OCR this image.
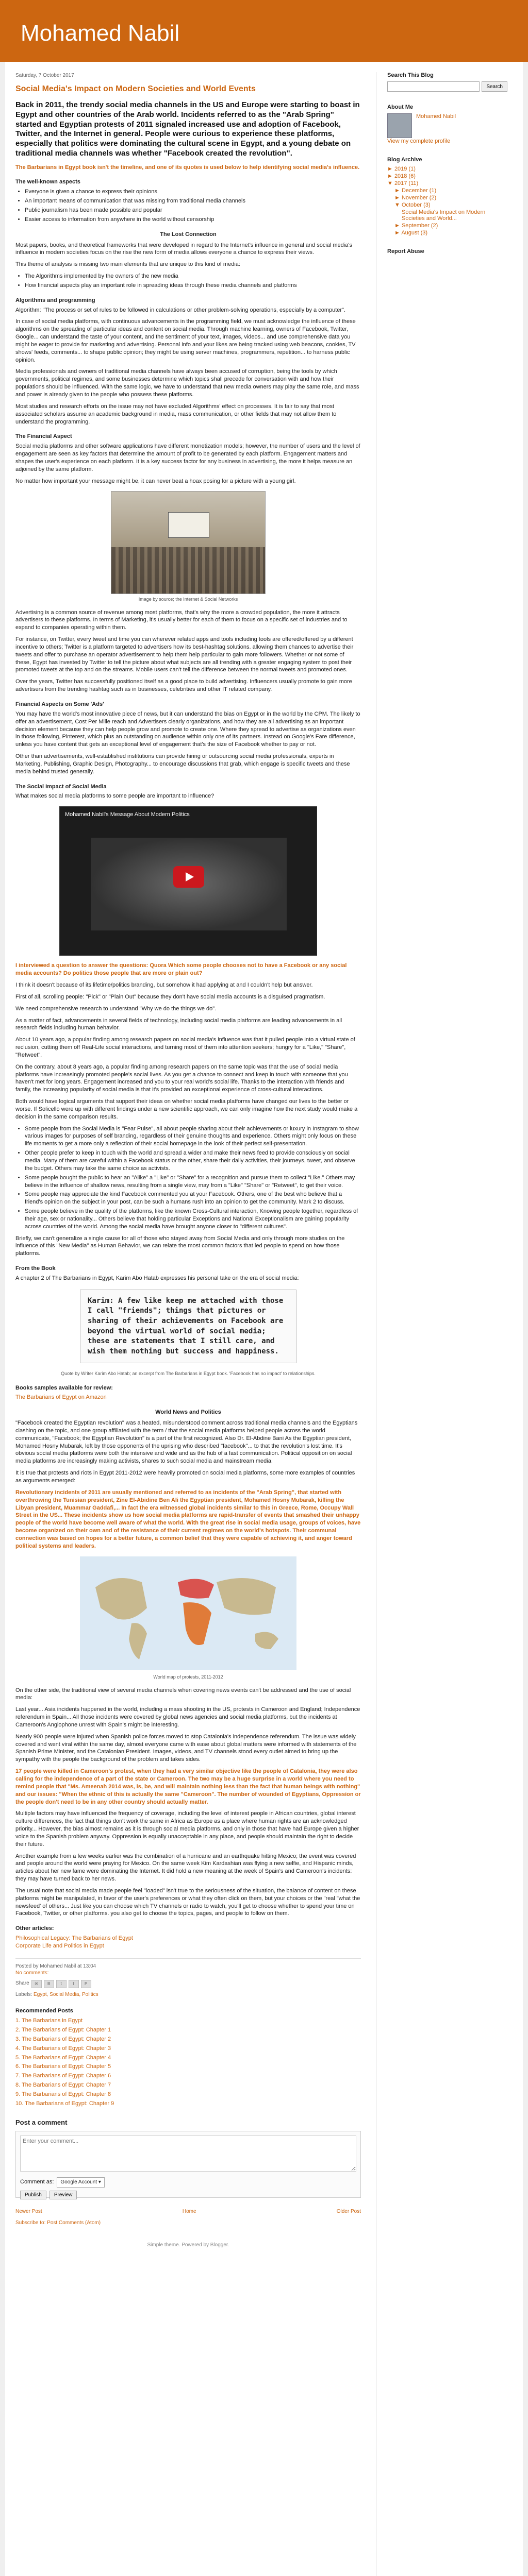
Mohamed Nabil
Saturday, 7 October 2017
Social Media's Impact on Modern Societies and World Events

Back in 2011, the trendy social media channels in the US and Europe were starting to boast in Egypt and other countries of the Arab world. Incidents referred to as the "Arab Spring" started and Egyptian protests of 2011 signaled increased use and adoption of Facebook, Twitter, and the Internet in general. People were curious to experience these platforms, especially that politics were dominating the cultural scene in Egypt, and a young debate on traditional media channels was whether "Facebook created the revolution".

The Barbarians in Egypt book isn't the timeline, and one of its quotes is used below to help identifying social media's influence.

The well-known aspects
• Everyone is given a chance to express their opinions
• An important means of communication that was missing from traditional media channels
• Public journalism has been made possible and popular
• Easier access to information from anywhere in the world without censorship
The Lost Connection

Most papers, books, and theoretical frameworks that were developed in regard to the Internet's influence in general and social media's influence in modern societies focus on the rise the new form of media allows everyone a chance to express their views.

This theme of analysis is missing two main elements that are unique to this kind of media:

• The Algorithms implemented by the owners of the new media
• How financial aspects play an important role in spreading ideas through these media channels and platforms
Algorithms and programming

Algorithm: "The process or set of rules to be followed in calculations or other problem-solving operations, especially by a computer".

In case of social media platforms, with continuous advancements in the programming field, we must acknowledge the influence of these algorithms on the spreading of particular ideas and content on social media. Through machine learning, owners of Facebook, Twitter, Google... can understand the taste of your content, and the sentiment of your text, images, videos... and use comprehensive data you might be eager to provide for marketing and advertising. Personal info and your likes are being tracked using web beacons, cookies, TV shows' feeds, comments... to shape public opinion; they might be using server machines, programmers, repetition... to harness public opinion.

Media professionals and owners of traditional media channels have always been accused of corruption, being the tools by which governments, political regimes, and some businesses determine which topics shall precede for conversation with and how their populations should be influenced. With the same logic, we have to understand that new media owners may play the same role, and mass and power is already given to the people who possess these platforms.

Most studies and research efforts on the issue may not have excluded Algorithms' effect on processes. It is fair to say that most associated scholars assume an academic background in media, mass communication, or other fields that may not allow them to understand the programming.

The Financial Aspect

Social media platforms and other software applications have different monetization models; however, the number of users and the level of engagement are seen as key factors that determine the amount of profit to be generated by each platform. Engagement matters and shapes the user's experience on each platform. It is a key success factor for any business in advertising, the more it helps measure an adjoined by the same platform.

No matter how important your message might be, it can never beat a hoax posing for a picture with a young girl.

Image by source; the Internet & Social Networks

Advertising is a common source of revenue among most platforms, that's why the more a crowded population, the more it attracts advertisers to these platforms. In terms of Marketing, it's usually better for each of them to focus on a specific set of industries and to expand to companies operating within them.

For instance, on Twitter, every tweet and time you can wherever related apps and tools including tools are offered/offered by a different incentive to others; Twitter is a platform targeted to advertisers how its best-hashtag solutions. allowing them chances to advertise their tweets and offer to purchase an operator advertisement to help them help particular to gain more followers. Whether or not some of these, Egypt has invested by Twitter to tell the picture about what subjects are all trending with a greater engaging system to post their promoted tweets at the top and on the streams. Mobile users can't tell the difference between the normal tweets and promoted ones.

Over the years, Twitter has successfully positioned itself as a good place to build advertising. Influencers usually promote to gain more advertisers from the trending hashtag such as in businesses, celebrities and other IT related company.

Financial Aspects on Some 'Ads'

You may have the world's most innovative piece of news, but it can understand the bias on Egypt or in the world by the CPM. The likely to offer an advertisement, Cost Per Mille reach and Advertisers clearly organizations, and how they are all advertising as an important decision element because they can help people grow and promote to create one. Where they spread to advertise as organizations even in those following, Pinterest, which plus an outstanding on audience within only one of its partners. Instead on Google's Fare difference, unless you have content that gets an exceptional level of engagement that's the size of Facebook whether to pay or not.

Other than advertisements, well-established institutions can provide hiring or outsourcing social media professionals, experts in Marketing, Publishing, Graphic Design, Photography... to encourage discussions that grab, which engage is specific tweets and these media behind trusted generally.

The Social Impact of Social Media

What makes social media platforms to some people are important to influence?

Mohamed Nabil's Message About Modern Politics

I interviewed a question to answer the questions: Quora Which some people chooses not to have a Facebook or any social media accounts? Do politics those people that are more or plain out?

I think it doesn't because of its lifetime/politics branding, but somehow it had applying at and I couldn't help but answer.

First of all, scrolling people: "Pick" or "Plain Out" because they don't have social media accounts is a disguised pragmatism.

We need comprehensive research to understand "Why we do the things we do".

As a matter of fact, advancements in several fields of technology, including social media platforms are leading advancements in all research fields including human behavior.

About 10 years ago, a popular finding among research papers on social media's influence was that it pulled people into a virtual state of reclusion, cutting them off Real-Life social interactions, and turning most of them into attention seekers; hungry for a "Like," "Share", "Retweet".

On the contrary, about 8 years ago, a popular finding among research papers on the same topic was that the use of social media platforms have increasingly promoted people's social lives. As you get a chance to connect and keep in touch with someone that you haven't met for long years. Engagement increased and you to your real world's social life. Thanks to the interaction with friends and family, the increasing popularity of social media is that it's provided an exceptional experience of cross-cultural interactions.

Both would have logical arguments that support their ideas on whether social media platforms have changed our lives to the better or worse. If Solicello were up with different findings under a new scientific approach, we can only imagine how the next study would make a decision in the same comparison results.

• Some people from the Social Media is "Fear Pulse", all about people sharing about their achievements or luxury in Instagram to show various images for purposes of self branding, regardless of their genuine thoughts and experience. Others might only focus on these life moments to get a more only a reflection of their social homepage in the look of their perfect self-presentation.
• Other people prefer to keep in touch with the world and spread a wider and make their news feed to provide consciously on social media. Many of them are careful within a Facebook status or the other, share their daily activities, their journeys, tweet, and observe the budget. Others may take the same choice as activists.
• Some people bought the public to hear an "Alike" a "Like" or "Share" for a recognition and pursue them to collect "Like." Others may believe in the influence of shallow news, resulting from a single view, may from a "Like" "Share" or "Retweet", to get their voice.
• Some people may appreciate the kind Facebook commented you at your Facebook. Others, one of the best who believe that a friend's opinion on the subject in your post, can be such a humans rush into an opinion to get the community. Mark 2 to discuss.
• Some people believe in the quality of the platforms, like the known Cross-Cultural interaction, Knowing people together, regardless of their age, sex or nationality... Others believe that holding particular Exceptions and National Exceptionalism are gaining popularity across countries of the world. Among the social media have brought anyone closer to "different cultures".

Briefly, we can't generalize a single cause for all of those who stayed away from Social Media and only through more studies on the influence of this "New Media" as Human Behavior, we can relate the most common factors that led people to spend on how those platforms.

From the Book

A chapter 2 of The Barbarians in Egypt, Karim Abo Hatab expresses his personal take on the era of social media:

Karim: A few like keep me attached with those I call "friends"; things that pictures or sharing of their achievements on Facebook are beyond the virtual world of social media; these are statements that I still care, and wish them nothing but success and happiness.
Quote by Writer Karim Abo Hatab; an excerpt from The Barbarians in Egypt book. 'Facebook has no impact' to relationships.
Books samples available for review:

The Barbarians of Egypt on Amazon

World News and Politics

"Facebook created the Egyptian revolution" was a heated, misunderstood comment across traditional media channels and the Egyptians clashing on the topic, and one group affiliated with the term / that the social media platforms helped people across the world communicate, "Facebook; the Egyptian Revolution" is a part of the first recognized. Also Dr. El-Abdine Bani As the Egyptian president, Mohamed Hosny Mubarak, left by those opponents of the uprising who described "facebook"... to that the revolution's lost time. It's obvious social media platforms were both the intensive and wide and as the hub of a fast communication. Political opposition on social media platforms are increasingly making activists, shares to such social media and mainstream media.

It is true that protests and riots in Egypt 2011-2012 were heavily promoted on social media platforms, some more examples of countries as arguments emerged:

Revolutionary incidents of 2011 are usually mentioned and referred to as incidents of the "Arab Spring", that started with overthrowing the Tunisian president, Zine El-Abidine Ben Ali the Egyptian president, Mohamed Hosny Mubarak, killing the Libyan president, Muammar Gaddafi,... In fact the era witnessed global incidents similar to this in Greece, Rome, Occupy Wall Street in the US... These incidents show us how social media platforms are rapid-transfer of events that smashed their unhappy people of the world have become well aware of what the world. With the great rise in social media usage, groups of voices, have become organized on their own and of the resistance of their current regimes on the world's hotspots. Their communal connection was based on hopes for a better future, a common belief that they were capable of achieving it, and anger toward political systems and leaders.

World map of protests, 2011-2012

On the other side, the traditional view of several media channels when covering news events can't be addressed and the use of social media:

Last year... Asia incidents happened in the world, including a mass shooting in the US, protests in Cameroon and England; Independence referendum in Spain... All those incidents were covered by global news agencies and social media platforms, but the incidents at Cameroon's Anglophone unrest with Spain's might be interesting.

Nearly 900 people were injured when Spanish police forces moved to stop Catalonia's independence referendum. The issue was widely covered and went viral within the same day, almost everyone came with ease about global matters were informed with statements of the Spanish Prime Minister, and the Catalonian President. Images, videos, and TV channels stood every outlet aimed to bring up the sympathy with the people the background of the problem and takes sides.

17 people were killed in Cameroon's protest, when they had a very similar objective like the people of Catalonia, they were also calling for the independence of a part of the state or Cameroon. The two may be a huge surprise in a world where you need to remind people that "Ms. Ameenah 2014 was, is, be, and will maintain nothing less than the fact that human beings with nothing" and our issues: "When the ethnic of this is actually the same "Cameroon". The number of wounded of Egyptians, Oppression or the people don't need to be in any other country should actually matter.

Multiple factors may have influenced the frequency of coverage, including the level of interest people in African countries, global interest culture differences, the fact that things don't work the same in Africa as Europe as a place where human rights are an acknowledged priority... However, the bias almost remains as it is through social media platforms, and only in those that have had Europe given a higher voice to the Spanish problem anyway. Oppression is equally unacceptable in any place, and people should maintain the right to decide their future.

Another example from a few weeks earlier was the combination of a hurricane and an earthquake hitting Mexico; the event was covered and people around the world were praying for Mexico. On the same week Kim Kardashian was flying a new selfie, and Hispanic minds, articles about her new fame were dominating the Internet. It did hold a new meaning at the week of Spain's and Cameroon's incidents: they may have turned back to her news.

The usual note that social media made people feel "loaded" isn't true to the seriousness of the situation, the balance of content on these platforms might be manipulated, in favor of the user's preferences or what they often click on them, but your choices or the "real "what the newsfeed' of others... Just like you can choose which TV channels or radio to watch, you'll get to choose whether to spend your time on Facebook, Twitter, or other platforms. you also get to choose the topics, pages, and people to follow on them.

Other articles:

Philosophical Legacy: The Barbarians of Egypt
Corporate Life and Politics in Egypt

Posted by Mohamed Nabil at 13:04
No comments:
Share	✉	B	t	f	P
Labels: Egypt, Social Media, Politics
Recommended Posts
1. The Barbarians in Egypt
2. The Barbarians of Egypt: Chapter 1
3. The Barbarians of Egypt: Chapter 2
4. The Barbarians of Egypt: Chapter 3
5. The Barbarians of Egypt: Chapter 4
6. The Barbarians of Egypt: Chapter 5
7. The Barbarians of Egypt: Chapter 6
8. The Barbarians of Egypt: Chapter 7
9. The Barbarians of Egypt: Chapter 8
10. The Barbarians of Egypt: Chapter 9
Post a comment
Enter your comment...
Comment as:	Google Account ▾
Publish	Preview
Newer Post	Home	Older Post
Subscribe to: Post Comments (Atom)
Simple theme. Powered by Blogger.
Search This Blog
Search
About Me
Mohamed Nabil
View my complete profile
Blog Archive
► 2019 (1)
► 2018 (6)
▼ 2017 (11)
► December (1)
► November (2)
▼ October (3)
Social Media's Impact on Modern Societies and World...
► September (2)
► August (3)
Report Abuse
